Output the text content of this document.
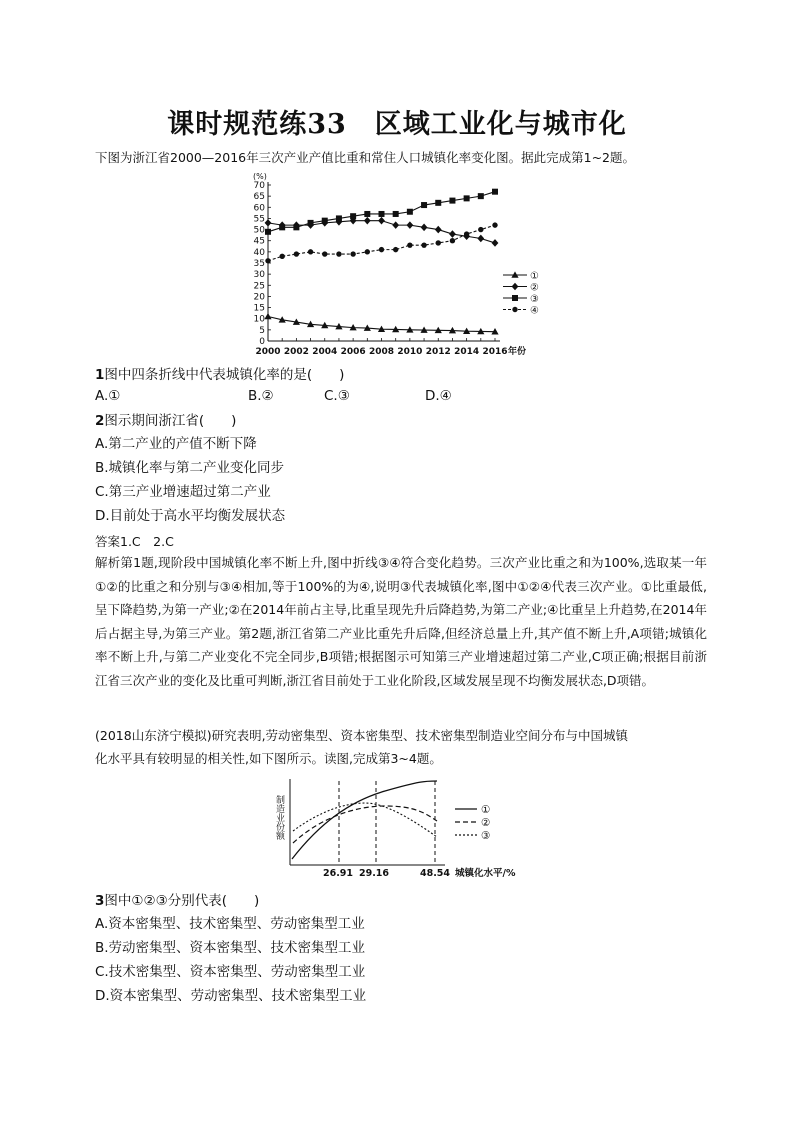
课时规范练33　区域工业化与城市化
下图为浙江省2000—2016年三次产业产值比重和常住人口城镇化率变化图。据此完成第1~2题。
(%)
0
5
10
15
20
25
30
35
40
45
50
55
60
65
70
2000 2002 2004 2006 2008 2010 2012 2014 2016 年份
①
②
③
④
1图中四条折线中代表城镇化率的是(　　)
A.①	B.②	C.③	D.④
2图示期间浙江省(　　)
A.第二产业的产值不断下降
B.城镇化率与第二产业变化同步
C.第三产业增速超过第二产业
D.目前处于高水平均衡发展状态
答案1.C　2.C
解析第1题,现阶段中国城镇化率不断上升,图中折线③④符合变化趋势。三次产业比重之和为100%,选取某一年①②的比重之和分别与③④相加,等于100%的为④,说明③代表城镇化率,图中①②④代表三次产业。①比重最低,呈下降趋势,为第一产业;②在2014年前占主导,比重呈现先升后降趋势,为第二产业;④比重呈上升趋势,在2014年后占据主导,为第三产业。第2题,浙江省第二产业比重先升后降,但经济总量上升,其产值不断上升,A项错;城镇化率不断上升,与第二产业变化不完全同步,B项错;根据图示可知第三产业增速超过第二产业,C项正确;根据目前浙江省三次产业的变化及比重可判断,浙江省目前处于工业化阶段,区域发展呈现不均衡发展状态,D项错。
(2018山东济宁模拟)研究表明,劳动密集型、资本密集型、技术密集型制造业空间分布与中国城镇
化水平具有较明显的相关性,如下图所示。读图,完成第3~4题。
制造业份额
26.91 29.16	48.54 城镇化水平/%
①
②
③
3图中①②③分别代表(　　)
A.资本密集型、技术密集型、劳动密集型工业
B.劳动密集型、资本密集型、技术密集型工业
C.技术密集型、资本密集型、劳动密集型工业
D.资本密集型、劳动密集型、技术密集型工业
